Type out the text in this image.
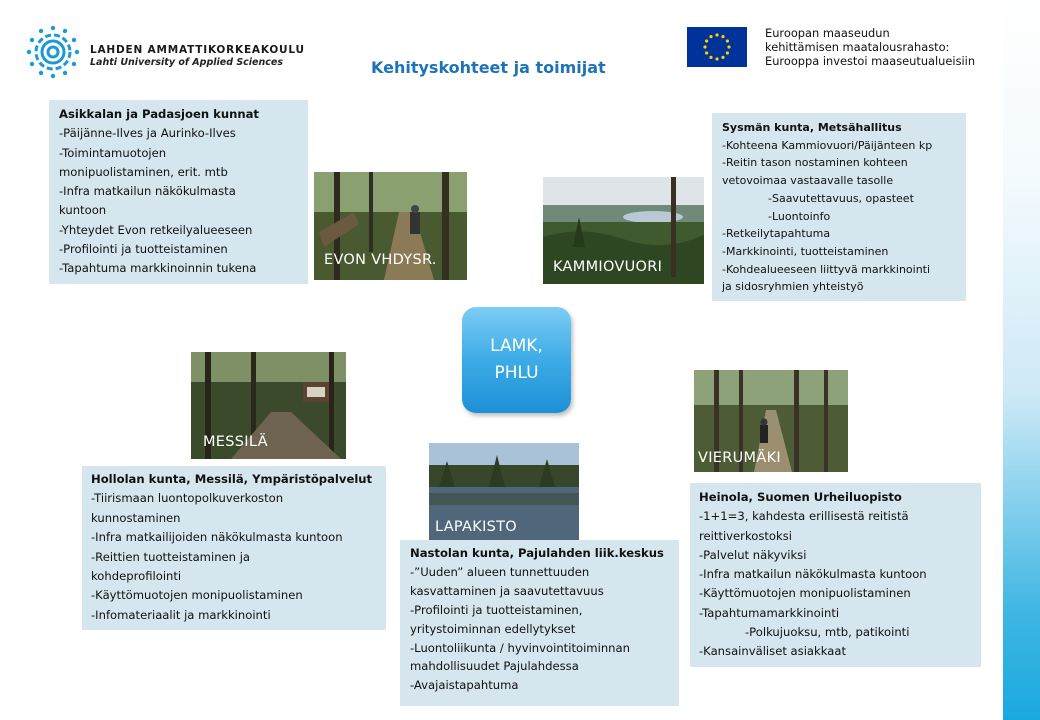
LAHDEN AMMATTIKORKEAKOULU
Lahti University of Applied Sciences
Euroopan maaseudun
kehittämisen maatalousrahasto:
Eurooppa investoi maaseutualueisiin
Kehityskohteet ja toimijat
Asikkalan ja Padasjoen kunnat
-Päijänne-Ilves ja Aurinko-Ilves
-Toimintamuotojen
monipuolistaminen, erit. mtb
-Infra matkailun näkökulmasta
kuntoon
-Yhteydet Evon retkeilyalueeseen
-Profilointi ja tuotteistaminen
-Tapahtuma markkinoinnin tukena
EVON VHDYSR.	KAMMIOVUORI
Sysmän kunta, Metsähallitus
-Kohteena Kammiovuori/Päijänteen kp
-Reitin tason nostaminen kohteen
vetovoimaa vastaavalle tasolle
-Saavutettavuus, opasteet
-Luontoinfo
-Retkeilytapahtuma
-Markkinointi, tuotteistaminen
-Kohdealueeseen liittyvä markkinointi
ja sidosryhmien yhteistyö
LAMK,
PHLU
MESSILÄ
VIERUMÄKI
LAPAKISTO
Hollolan kunta, Messilä, Ympäristöpalvelut
-Tiirismaan luontopolkuverkoston
kunnostaminen
-Infra matkailijoiden näkökulmasta kuntoon
-Reittien tuotteistaminen ja
kohdeprofilointi
-Käyttömuotojen monipuolistaminen
-Infomateriaalit ja markkinointi
Nastolan kunta, Pajulahden liik.keskus
-”Uuden” alueen tunnettuuden
kasvattaminen ja saavutettavuus
-Profilointi ja tuotteistaminen,
yritystoiminnan edellytykset
-Luontoliikunta / hyvinvointitoiminnan
mahdollisuudet Pajulahdessa
-Avajaistapahtuma
Heinola, Suomen Urheiluopisto
-1+1=3, kahdesta erillisestä reitistä
reittiverkostoksi
-Palvelut näkyviksi
-Infra matkailun näkökulmasta kuntoon
-Käyttömuotojen monipuolistaminen
-Tapahtumamarkkinointi
-Polkujuoksu, mtb, patikointi
-Kansainväliset asiakkaat
